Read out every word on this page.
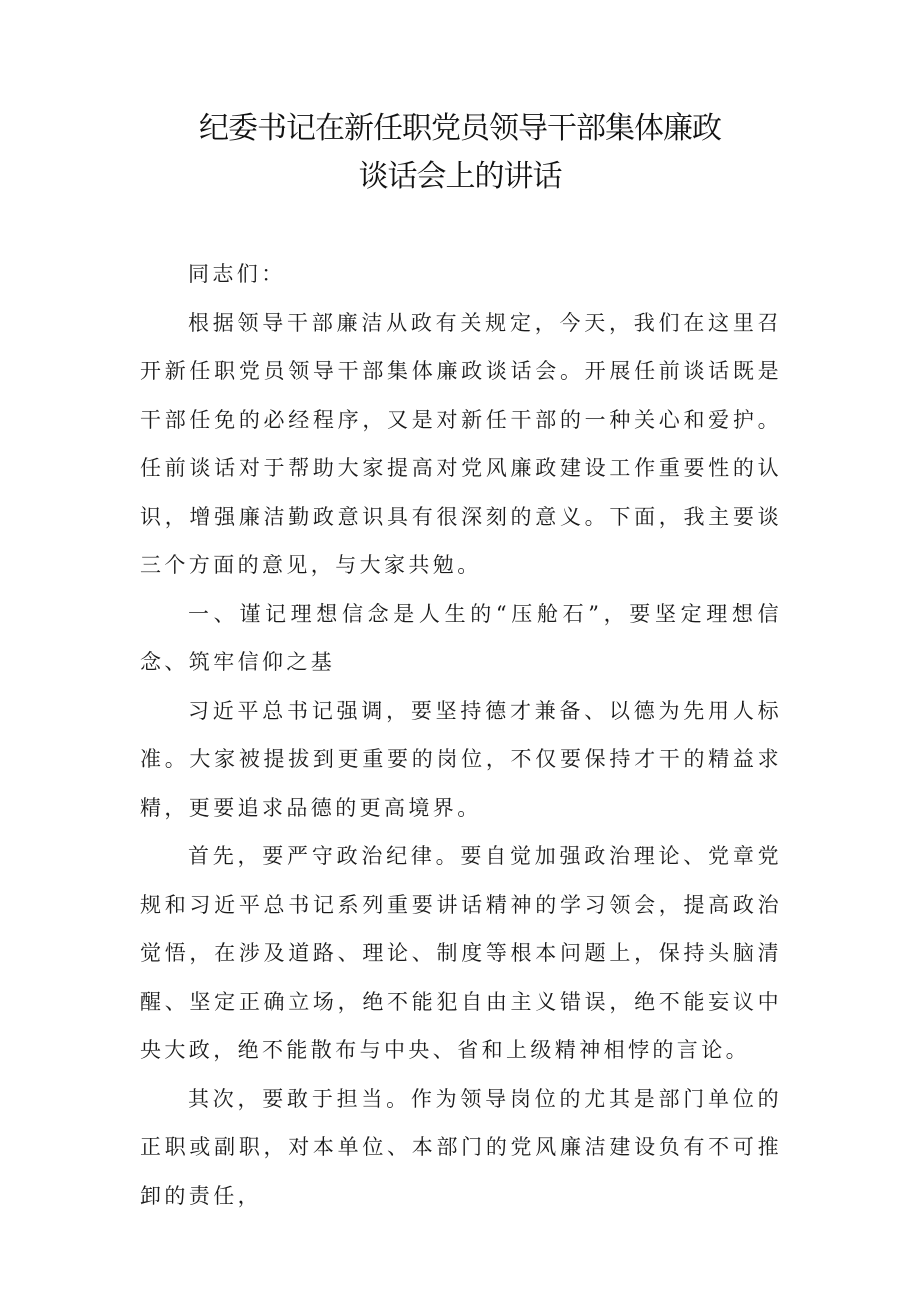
纪委书记在新任职党员领导干部集体廉政
谈话会上的讲话

同志们：

根据领导干部廉洁从政有关规定，今天，我们在这里召开新任职党员领导干部集体廉政谈话会。开展任前谈话既是干部任免的必经程序，又是对新任干部的一种关心和爱护。任前谈话对于帮助大家提高对党风廉政建设工作重要性的认识，增强廉洁勤政意识具有很深刻的意义。下面，我主要谈三个方面的意见，与大家共勉。

一、谨记理想信念是人生的“压舱石”，要坚定理想信念、筑牢信仰之基

习近平总书记强调，要坚持德才兼备、以德为先用人标准。大家被提拔到更重要的岗位，不仅要保持才干的精益求精，更要追求品德的更高境界。

首先，要严守政治纪律。要自觉加强政治理论、党章党规和习近平总书记系列重要讲话精神的学习领会，提高政治觉悟，在涉及道路、理论、制度等根本问题上，保持头脑清醒、坚定正确立场，绝不能犯自由主义错误，绝不能妄议中央大政，绝不能散布与中央、省和上级精神相悖的言论。

其次，要敢于担当。作为领导岗位的尤其是部门单位的正职或副职，对本单位、本部门的党风廉洁建设负有不可推卸的责任，
